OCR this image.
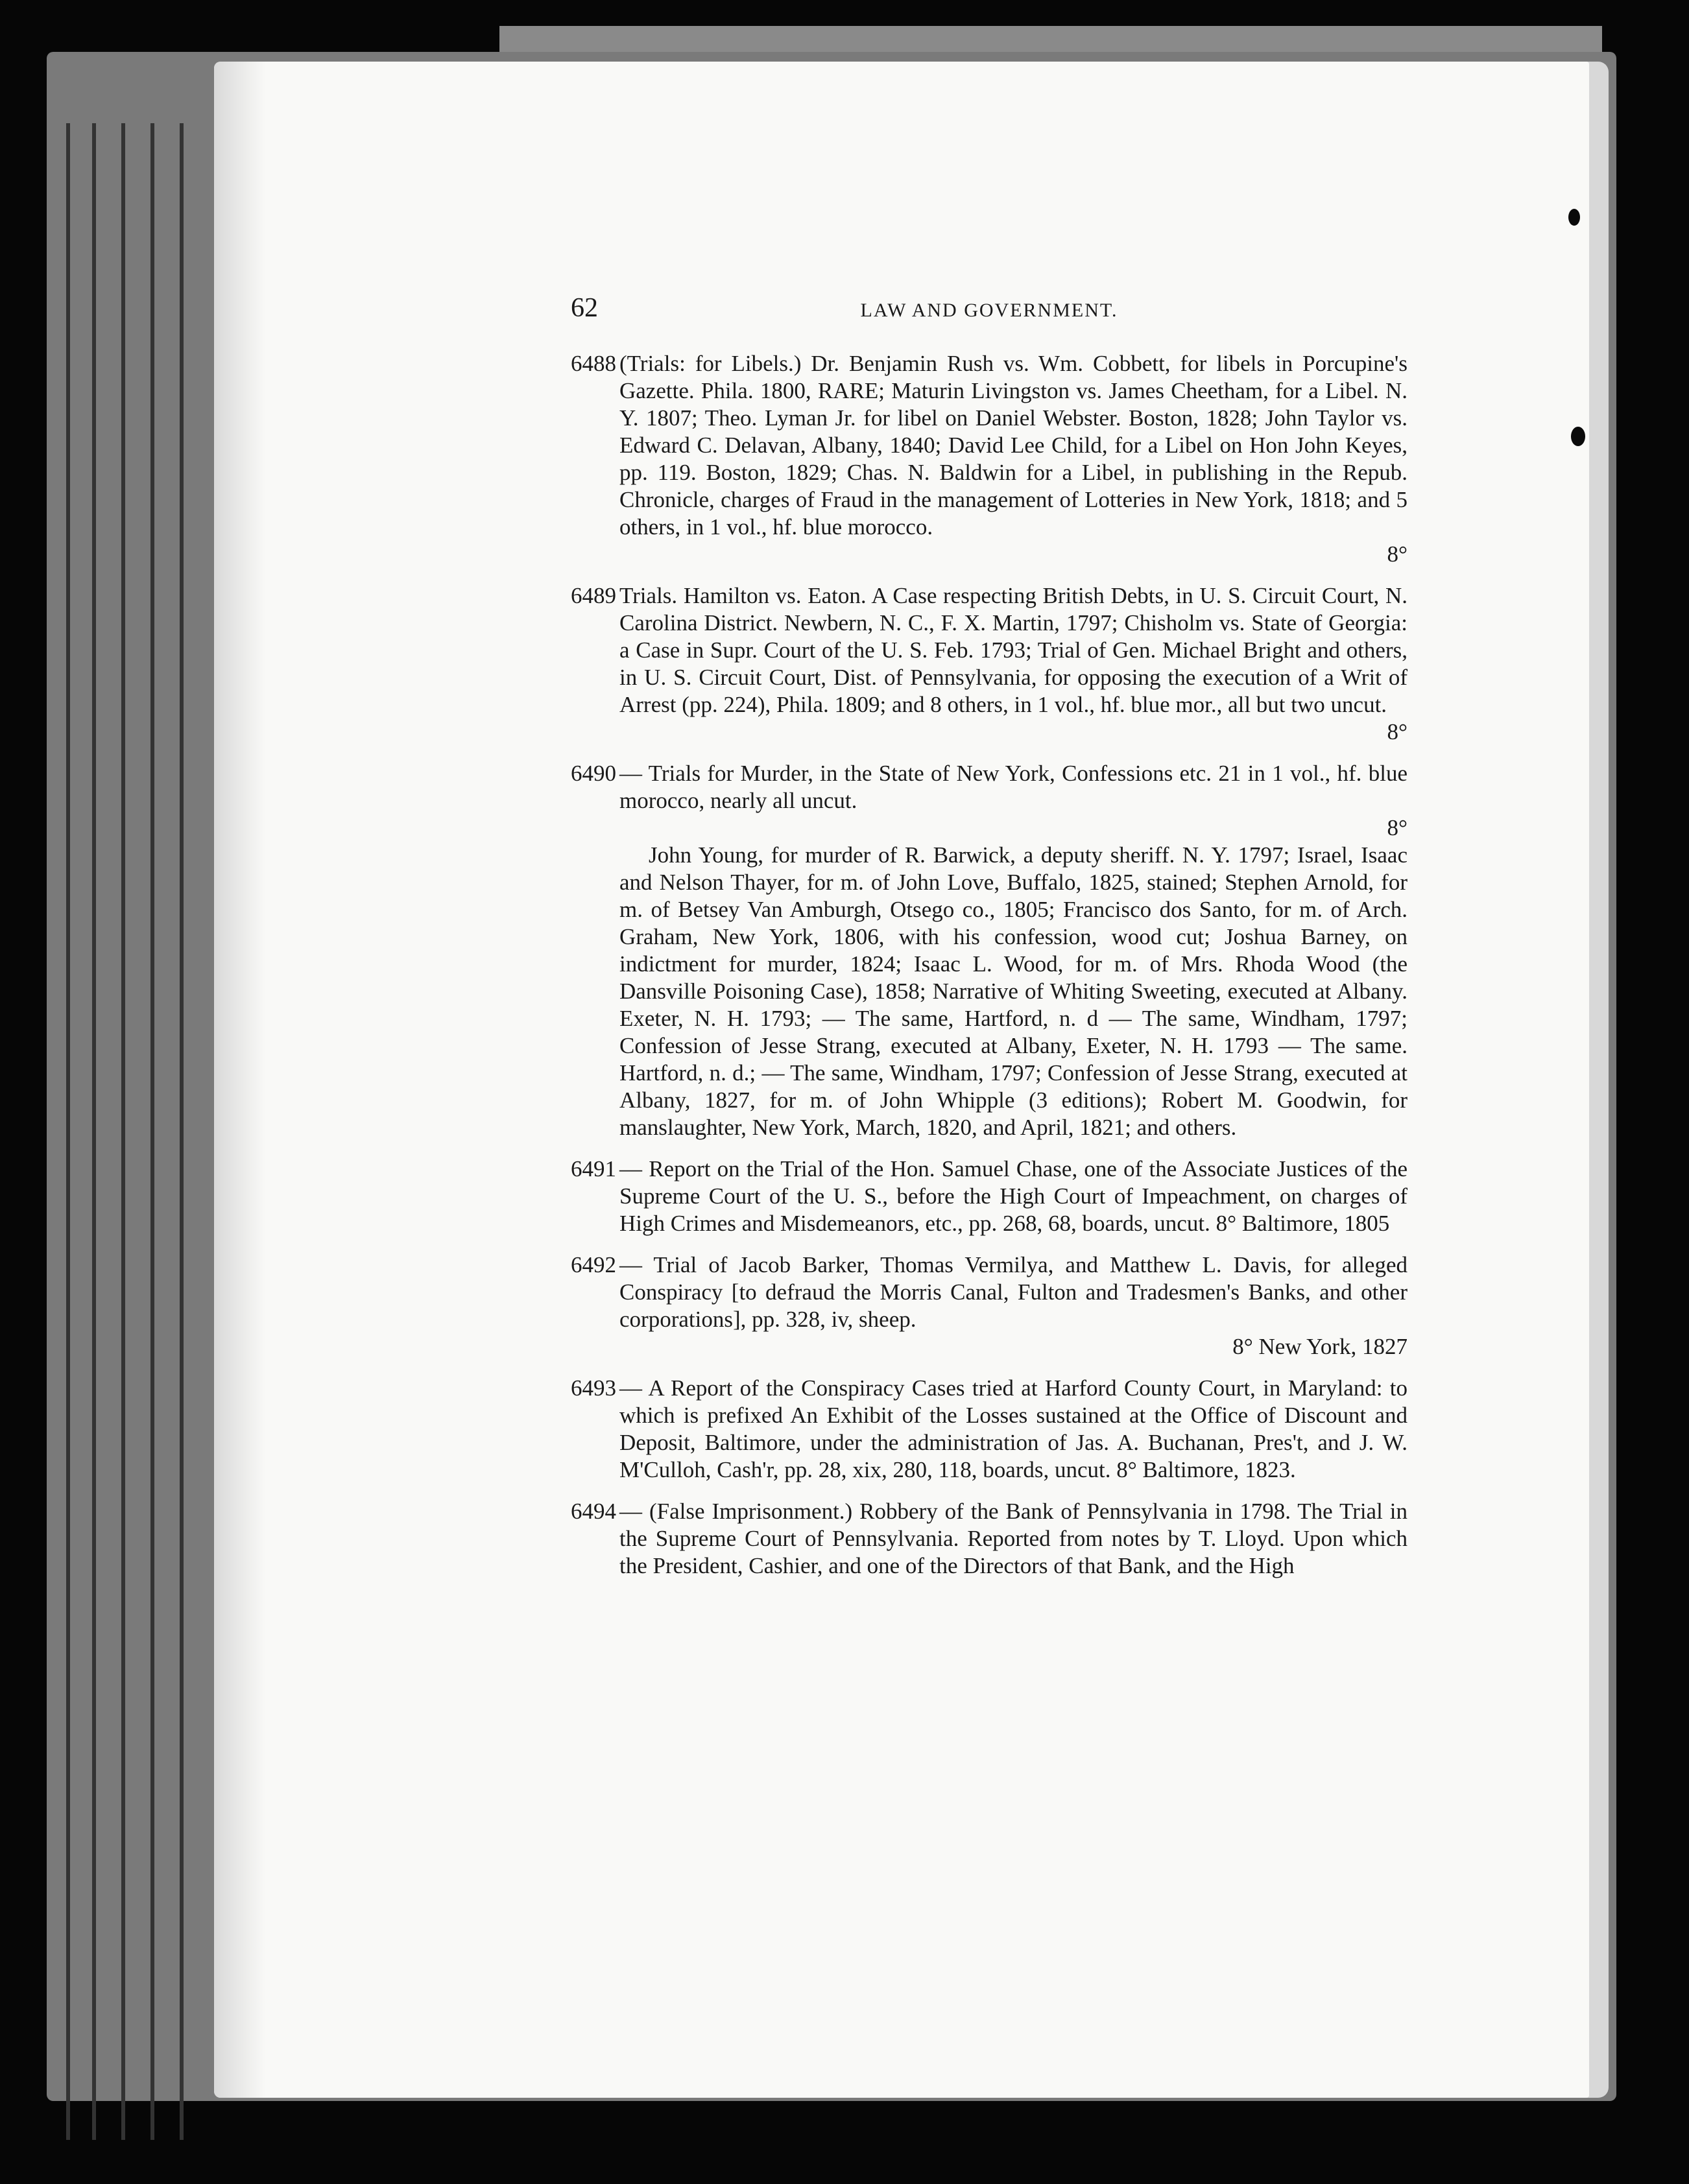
62	LAW AND GOVERNMENT.

6488 (Trials: for Libels.) Dr. Benjamin Rush vs. Wm. Cobbett, for libels in Porcupine's Gazette. Phila. 1800, RARE; Maturin Livingston vs. James Cheetham, for a Libel. N. Y. 1807; Theo. Lyman Jr. for libel on Daniel Webster. Boston, 1828; John Taylor vs. Edward C. Delavan, Albany, 1840; David Lee Child, for a Libel on Hon John Keyes, pp. 119. Boston, 1829; Chas. N. Baldwin for a Libel, in publishing in the Repub. Chronicle, charges of Fraud in the management of Lotteries in New York, 1818; and 5 others, in 1 vol., hf. blue morocco.

8°

6489 Trials. Hamilton vs. Eaton. A Case respecting British Debts, in U. S. Circuit Court, N. Carolina District. Newbern, N. C., F. X. Martin, 1797; Chisholm vs. State of Georgia: a Case in Supr. Court of the U. S. Feb. 1793; Trial of Gen. Michael Bright and others, in U. S. Circuit Court, Dist. of Pennsylvania, for opposing the execution of a Writ of Arrest (pp. 224), Phila. 1809; and 8 others, in 1 vol., hf. blue mor., all but two uncut.

8°

6490 — Trials for Murder, in the State of New York, Confessions etc. 21 in 1 vol., hf. blue morocco, nearly all uncut.

8°

John Young, for murder of R. Barwick, a deputy sheriff. N. Y. 1797; Israel, Isaac and Nelson Thayer, for m. of John Love, Buffalo, 1825, stained; Stephen Arnold, for m. of Betsey Van Amburgh, Otsego co., 1805; Francisco dos Santo, for m. of Arch. Graham, New York, 1806, with his confession, wood cut; Joshua Barney, on indictment for murder, 1824; Isaac L. Wood, for m. of Mrs. Rhoda Wood (the Dansville Poisoning Case), 1858; Narrative of Whiting Sweeting, executed at Albany. Exeter, N. H. 1793; — The same, Hartford, n. d — The same, Windham, 1797; Confession of Jesse Strang, executed at Albany, Exeter, N. H. 1793 — The same. Hartford, n. d.; — The same, Windham, 1797; Confession of Jesse Strang, executed at Albany, 1827, for m. of John Whipple (3 editions); Robert M. Goodwin, for manslaughter, New York, March, 1820, and April, 1821; and others.

6491 — Report on the Trial of the Hon. Samuel Chase, one of the Associate Justices of the Supreme Court of the U. S., before the High Court of Impeachment, on charges of High Crimes and Misdemeanors, etc., pp. 268, 68, boards, uncut. 8° Baltimore, 1805

6492 — Trial of Jacob Barker, Thomas Vermilya, and Matthew L. Davis, for alleged Conspiracy [to defraud the Morris Canal, Fulton and Tradesmen's Banks, and other corporations], pp. 328, iv, sheep.

8° New York, 1827

6493 — A Report of the Conspiracy Cases tried at Harford County Court, in Maryland: to which is prefixed An Exhibit of the Losses sustained at the Office of Discount and Deposit, Baltimore, under the administration of Jas. A. Buchanan, Pres't, and J. W. M'Culloh, Cash'r, pp. 28, xix, 280, 118, boards, uncut. 8° Baltimore, 1823.

6494 — (False Imprisonment.) Robbery of the Bank of Pennsylvania in 1798. The Trial in the Supreme Court of Pennsylvania. Reported from notes by T. Lloyd. Upon which the President, Cashier, and one of the Directors of that Bank, and the High
